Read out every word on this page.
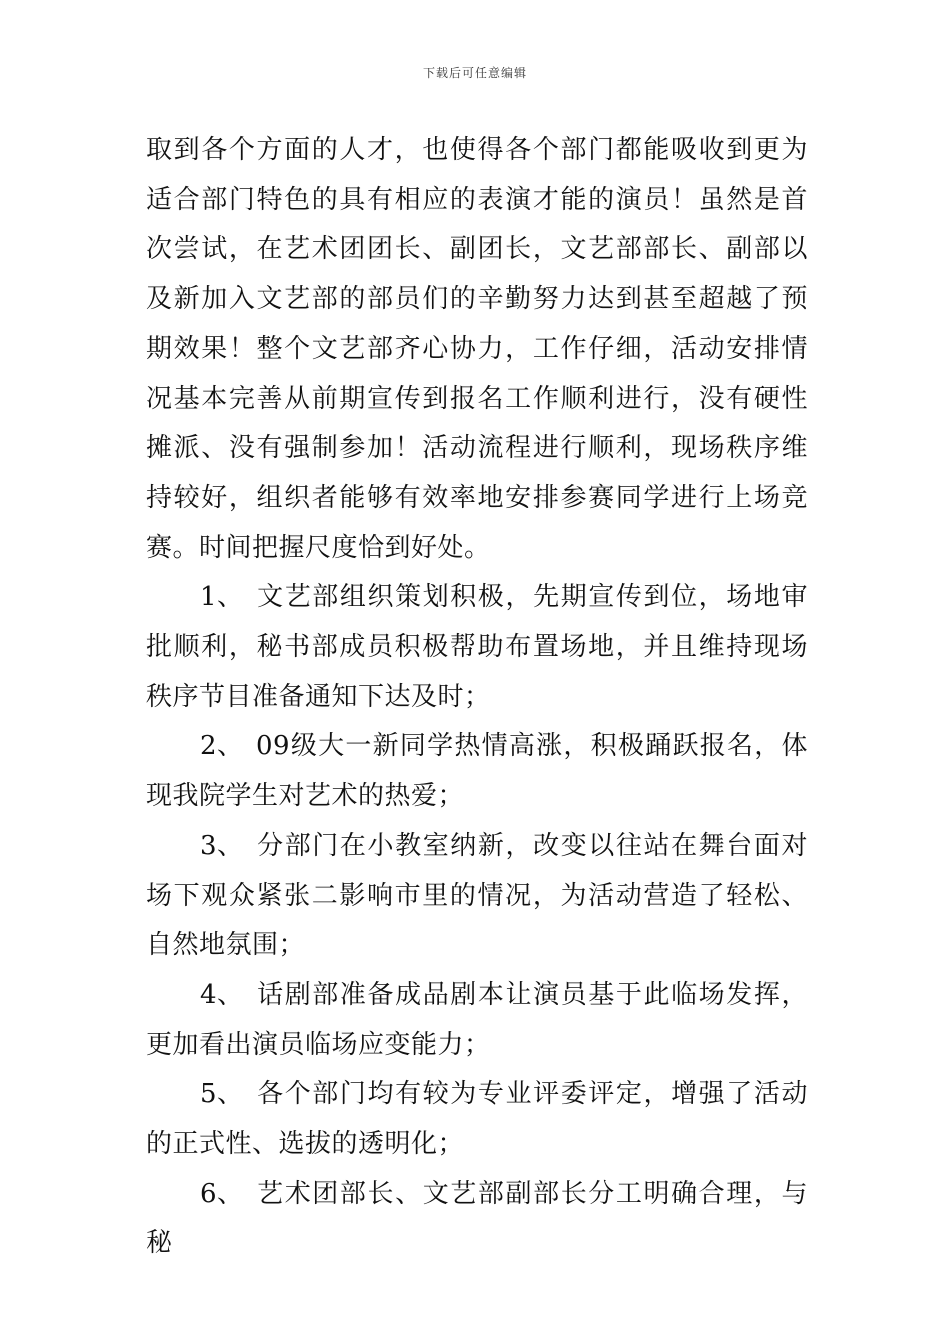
下载后可任意编辑

取到各个方面的人才，也使得各个部门都能吸收到更为适合部门特色的具有相应的表演才能的演员！虽然是首次尝试，在艺术团团长、副团长，文艺部部长、副部以及新加入文艺部的部员们的辛勤努力达到甚至超越了预期效果！整个文艺部齐心协力，工作仔细，活动安排情况基本完善从前期宣传到报名工作顺利进行，没有硬性摊派、没有强制参加！活动流程进行顺利，现场秩序维持较好，组织者能够有效率地安排参赛同学进行上场竞赛。时间把握尺度恰到好处。

1、 文艺部组织策划积极，先期宣传到位，场地审批顺利，秘书部成员积极帮助布置场地，并且维持现场秩序节目准备通知下达及时；

2、 09级大一新同学热情高涨，积极踊跃报名，体现我院学生对艺术的热爱；

3、 分部门在小教室纳新，改变以往站在舞台面对场下观众紧张二影响市里的情况，为活动营造了轻松、自然地氛围；

4、 话剧部准备成品剧本让演员基于此临场发挥，更加看出演员临场应变能力；

5、 各个部门均有较为专业评委评定，增强了活动的正式性、选拔的透明化；

6、 艺术团部长、文艺部副部长分工明确合理，与秘
